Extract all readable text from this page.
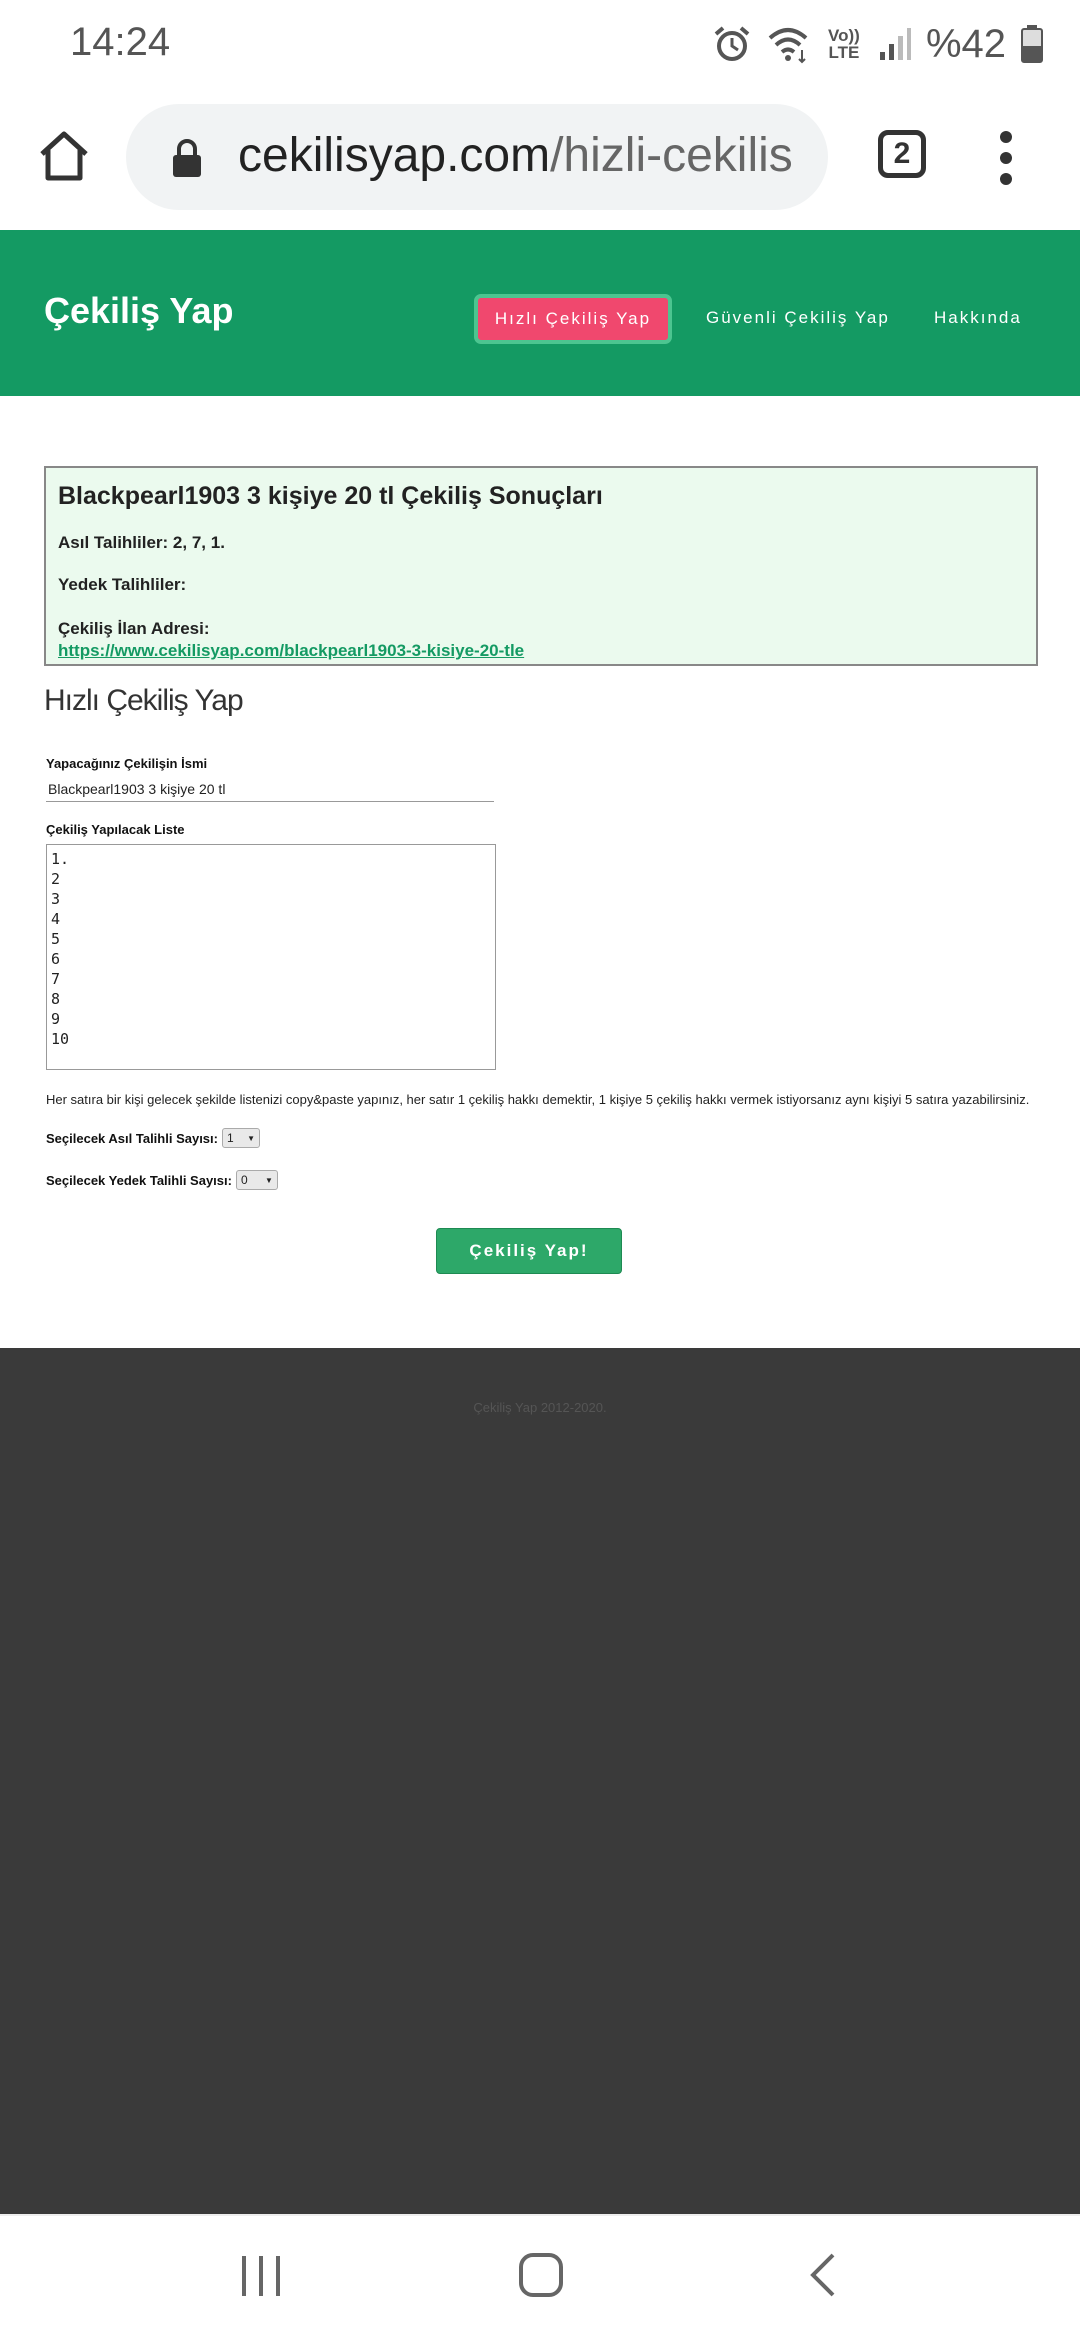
14:24	Vo)) LTE %42
cekilisyap.com/hizli-cekilis	2
Çekiliş Yap	Hızlı Çekiliş Yap	Güvenli Çekiliş Yap	Hakkında
Blackpearl1903 3 kişiye 20 tl Çekiliş Sonuçları
Asıl Talihliler: 2, 7, 1.
Yedek Talihliler:
Çekiliş İlan Adresi:
https://www.cekilisyap.com/blackpearl1903-3-kisiye-20-tle
Hızlı Çekiliş Yap
Yapacağınız Çekilişin İsmi
Blackpearl1903 3 kişiye 20 tl
Çekiliş Yapılacak Liste
1. 2 3 4 5 6 7 8 9 10
Her satıra bir kişi gelecek şekilde listenizi copy&paste yapınız, her satır 1 çekiliş hakkı demektir, 1 kişiye 5 çekiliş hakkı vermek istiyorsanız aynı kişiyi 5 satıra yazabilirsiniz.
Seçilecek Asıl Talihli Sayısı: 1 ▼
Seçilecek Yedek Talihli Sayısı: 0 ▼
Çekiliş Yap!
Çekiliş Yap 2012-2020.
